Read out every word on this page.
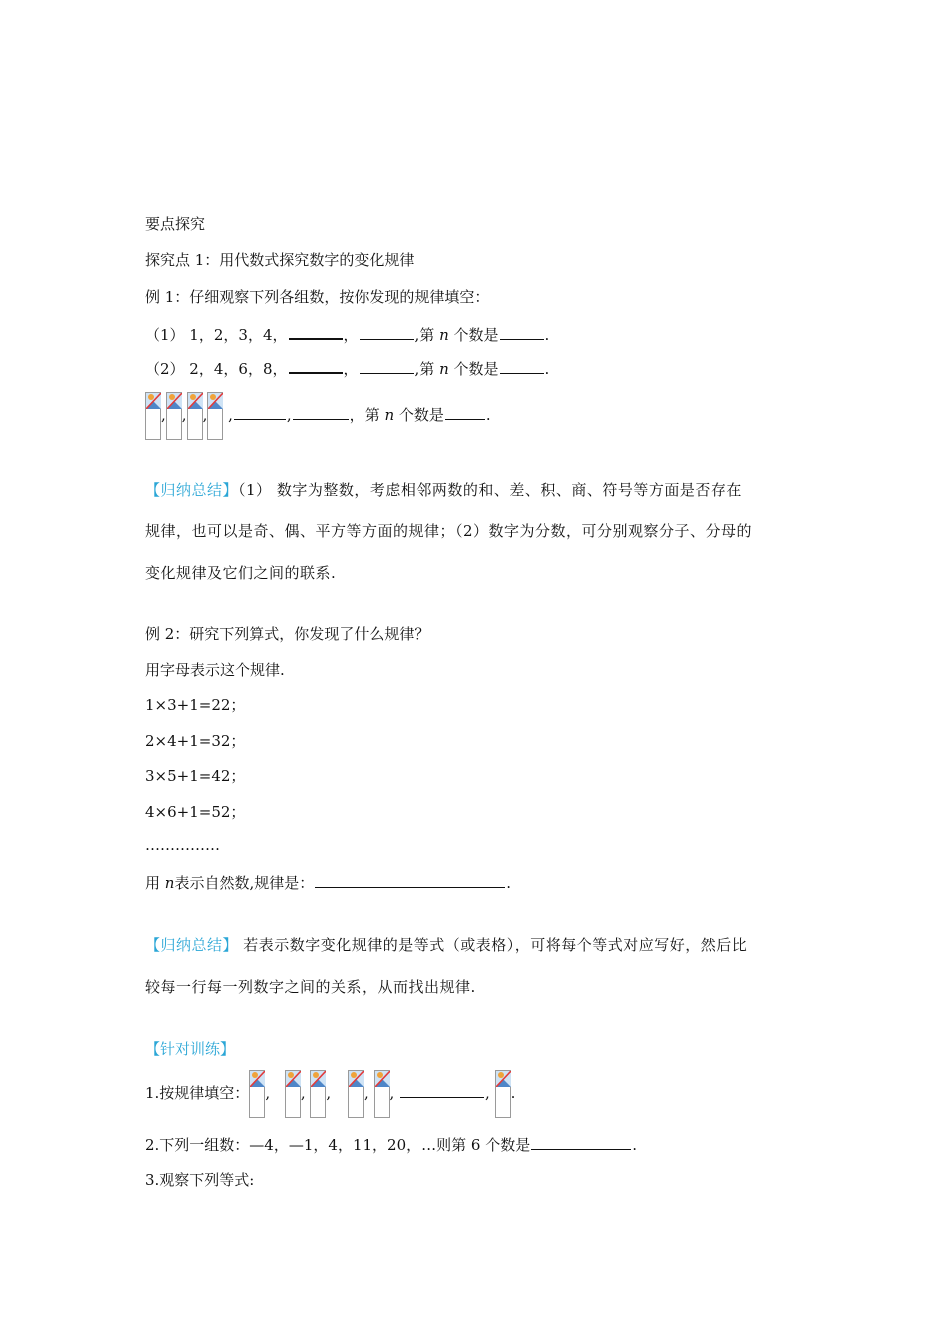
要点探究
探究点 1：用代数式探究数字的变化规律
例 1：仔细观察下列各组数，按你发现的规律填空：
（1） 1，2，3，4，	，	,第 n 个数是	.
（2） 2，4，6，8，	，	,第 n 个数是	.
, , ,
,	,	，第 n 个数是	.
【归纳总结】（1） 数字为整数，考虑相邻两数的和、差、积、商、符号等方面是否存在
规律，也可以是奇、偶、平方等方面的规律；（2）数字为分数，可分别观察分子、分母的
变化规律及它们之间的联系.
例 2：研究下列算式，你发现了什么规律？
用字母表示这个规律.
1×3+1=22；
2×4+1=32；
3×5+1=42；
4×6+1=52；
……………
用 n表示自然数,规律是：	.
【归纳总结】 若表示数字变化规律的是等式（或表格），可将每个等式对应写好，然后比
较每一行每一列数字之间的关系，从而找出规律.
【针对训练】
1.按规律填空： ,
,
,
,
,	,
.
2.下列一组数：—4，—1，4，11，20，…则第 6 个数是	.
3.观察下列等式:
